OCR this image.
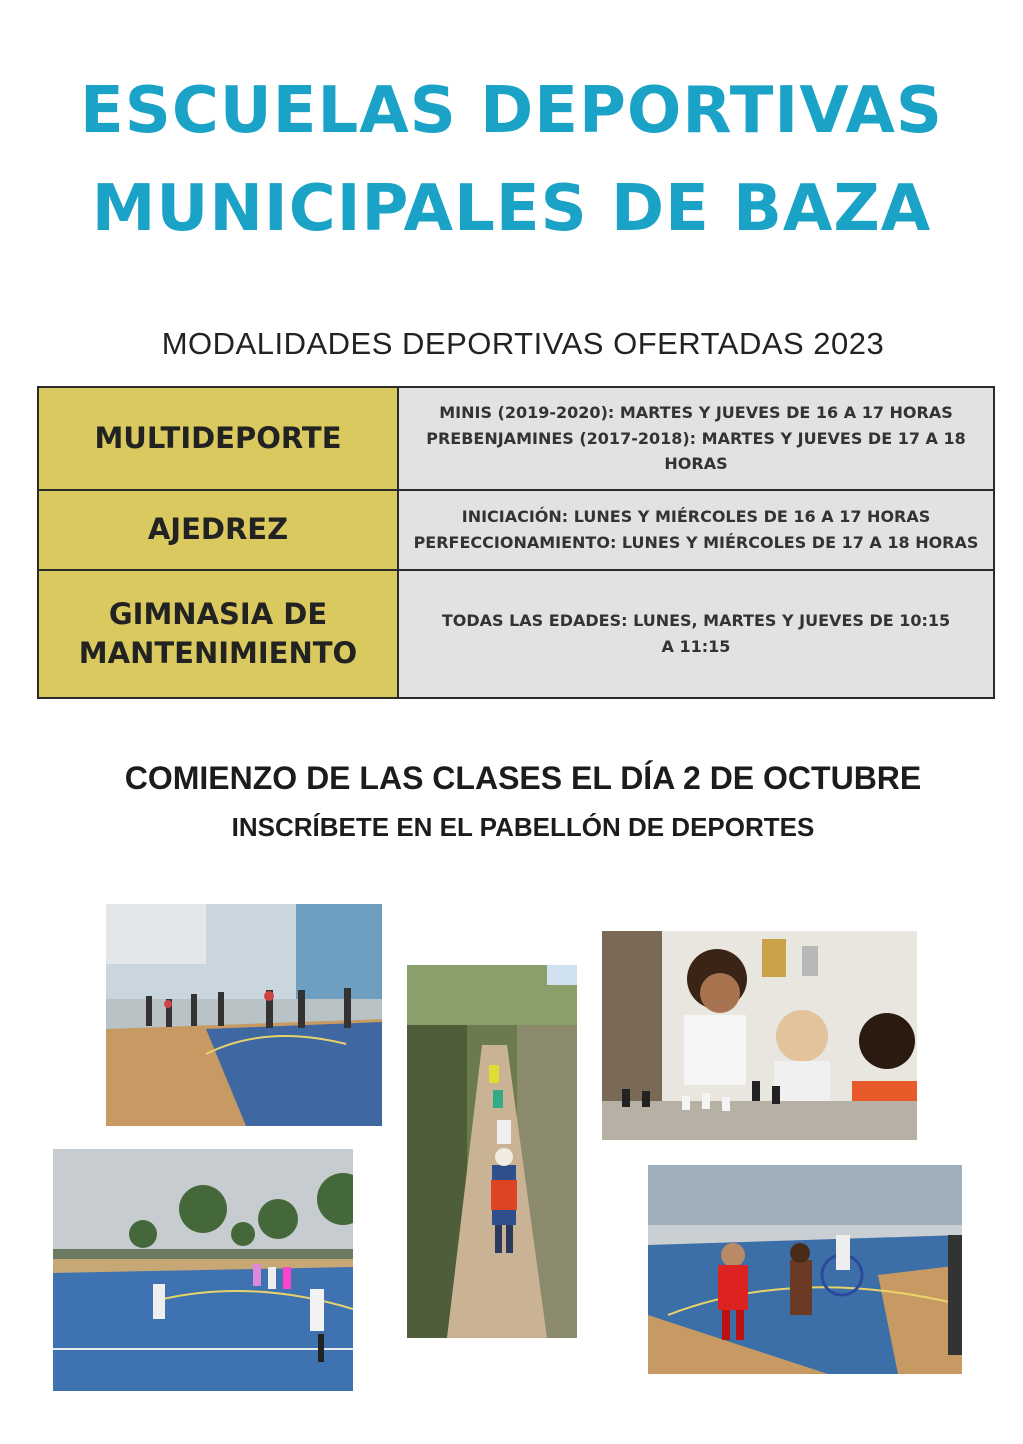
ESCUELAS DEPORTIVAS
MUNICIPALES DE BAZA
MODALIDADES DEPORTIVAS OFERTADAS 2023
MULTIDEPORTE	MINIS (2019-2020): MARTES Y JUEVES DE 16 A 17 HORAS
PREBENJAMINES (2017-2018): MARTES Y JUEVES DE 17 A 18 HORAS

AJEDREZ	INICIACIÓN: LUNES Y MIÉRCOLES DE 16 A 17 HORAS
PERFECCIONAMIENTO: LUNES Y MIÉRCOLES DE 17 A 18 HORAS

GIMNASIA DE MANTENIMIENTO	TODAS LAS EDADES: LUNES, MARTES Y JUEVES DE 10:15 A 11:15
COMIENZO DE LAS CLASES EL DÍA 2 DE OCTUBRE
INSCRÍBETE EN EL PABELLÓN DE DEPORTES
